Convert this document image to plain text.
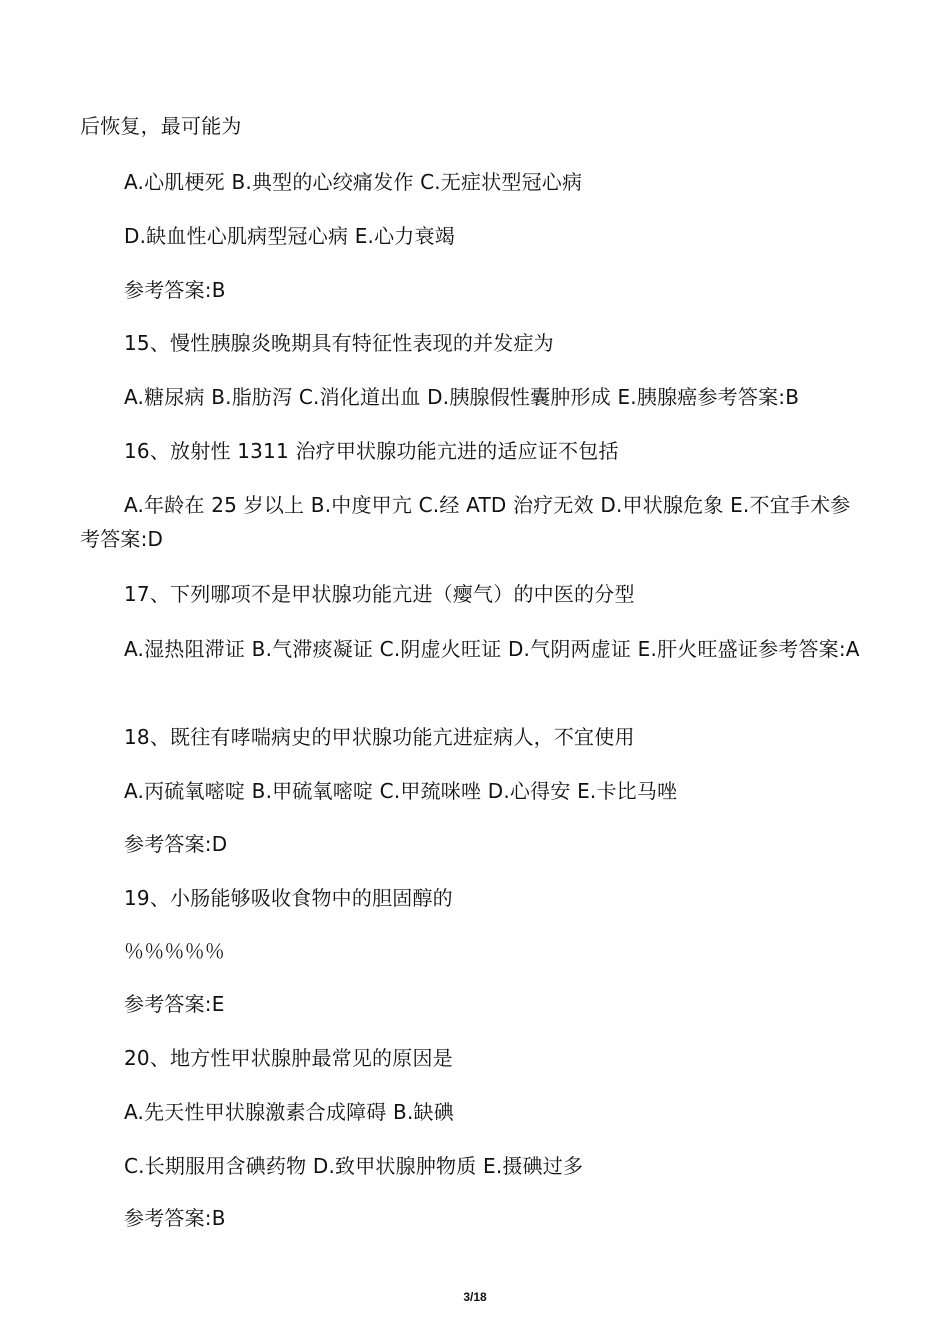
后恢复，最可能为
A.心肌梗死 B.典型的心绞痛发作 C.无症状型冠心病
D.缺血性心肌病型冠心病 E.心力衰竭
参考答案:B
15、慢性胰腺炎晚期具有特征性表现的并发症为
A.糖尿病 B.脂肪泻 C.消化道出血 D.胰腺假性囊肿形成 E.胰腺癌参考答案:B
16、放射性 1311 治疗甲状腺功能亢进的适应证不包括
A.年龄在 25 岁以上 B.中度甲亢 C.经 ATD 治疗无效 D.甲状腺危象 E.不宜手术参考答案:D
17、下列哪项不是甲状腺功能亢进（瘿气）的中医的分型
A.湿热阻滞证 B.气滞痰凝证 C.阴虚火旺证 D.气阴两虚证 E.肝火旺盛证参考答案:A
18、既往有哮喘病史的甲状腺功能亢进症病人，不宜使用
A.丙硫氧嘧啶 B.甲硫氧嘧啶 C.甲巯咪唑 D.心得安 E.卡比马唑
参考答案:D
19、小肠能够吸收食物中的胆固醇的
％％％％％
参考答案:E
20、地方性甲状腺肿最常见的原因是
A.先天性甲状腺激素合成障碍 B.缺碘
C.长期服用含碘药物 D.致甲状腺肿物质 E.摄碘过多
参考答案:B
3/18
